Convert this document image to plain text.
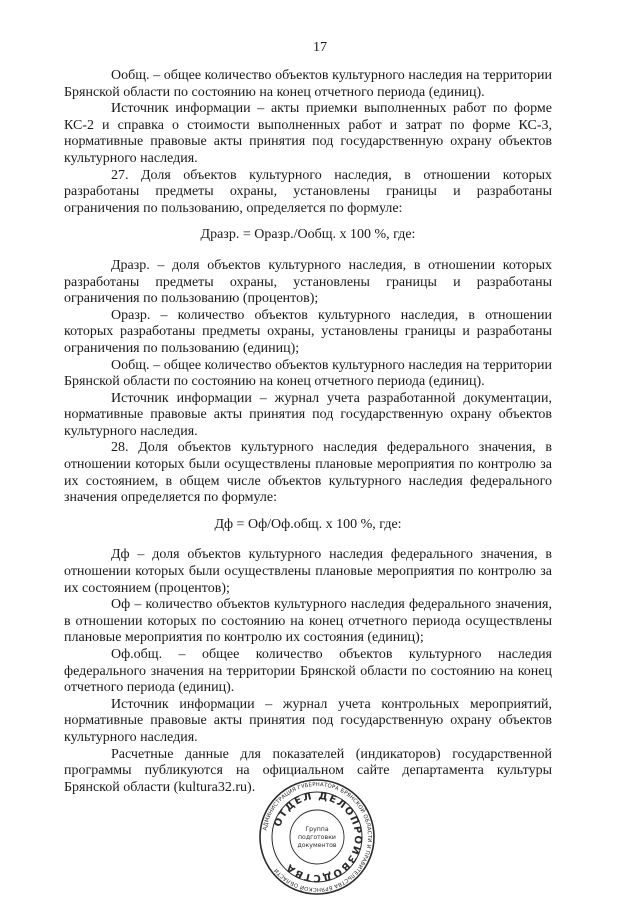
17

Оoбщ. – общее количество объектов культурного наследия на территории Брянской области по состоянию на конец отчетного периода (единиц).

Источник информации – акты приемки выполненных работ по форме КС-2 и справка о стоимости выполненных работ и затрат по форме КС-3, нормативные правовые акты принятия под государственную охрану объектов культурного наследия.

27. Доля объектов культурного наследия, в отношении которых разработаны предметы охраны, установлены границы и разработаны ограничения по пользованию, определяется по формуле:

Дразр. = Оразр./Оoбщ. x 100 %, где:

Дразр. – доля объектов культурного наследия, в отношении которых разработаны предметы охраны, установлены границы и разработаны ограничения по пользованию (процентов);

Оразр. – количество объектов культурного наследия, в отношении которых разработаны предметы охраны, установлены границы и разработаны ограничения по пользованию (единиц);

Оoбщ. – общее количество объектов культурного наследия на территории Брянской области по состоянию на конец отчетного периода (единиц).

Источник информации – журнал учета разработанной документации, нормативные правовые акты принятия под государственную охрану объектов культурного наследия.

28. Доля объектов культурного наследия федерального значения, в отношении которых были осуществлены плановые мероприятия по контролю за их состоянием, в общем числе объектов культурного наследия федерального значения определяется по формуле:

Дф = Оф/Оф.общ. x 100 %, где:

Дф – доля объектов культурного наследия федерального значения, в отношении которых были осуществлены плановые мероприятия по контролю за их состоянием (процентов);

Оф – количество объектов культурного наследия федерального значения, в отношении которых по состоянию на конец отчетного периода осуществлены плановые мероприятия по контролю их состояния (единиц);

Оф.общ. – общее количество объектов культурного наследия федерального значения на территории Брянской области по состоянию на конец отчетного периода (единиц).

Источник информации – журнал учета контрольных мероприятий, нормативные правовые акты принятия под государственную охрану объектов культурного наследия.

Расчетные данные для показателей (индикаторов) государственной программы публикуются на официальном сайте департамента культуры Брянской области (kultura32.ru).

АДМИНИСТРАЦИЯ ГУБЕРНАТОРА БРЯНСКОЙ ОБЛАСТИ И ПРАВИТЕЛЬСТВА БРЯНСКОЙ ОБЛАСТИ
ОТДЕЛ ДЕЛОПРОИЗВОДСТВА
Группа
подготовки
документов
